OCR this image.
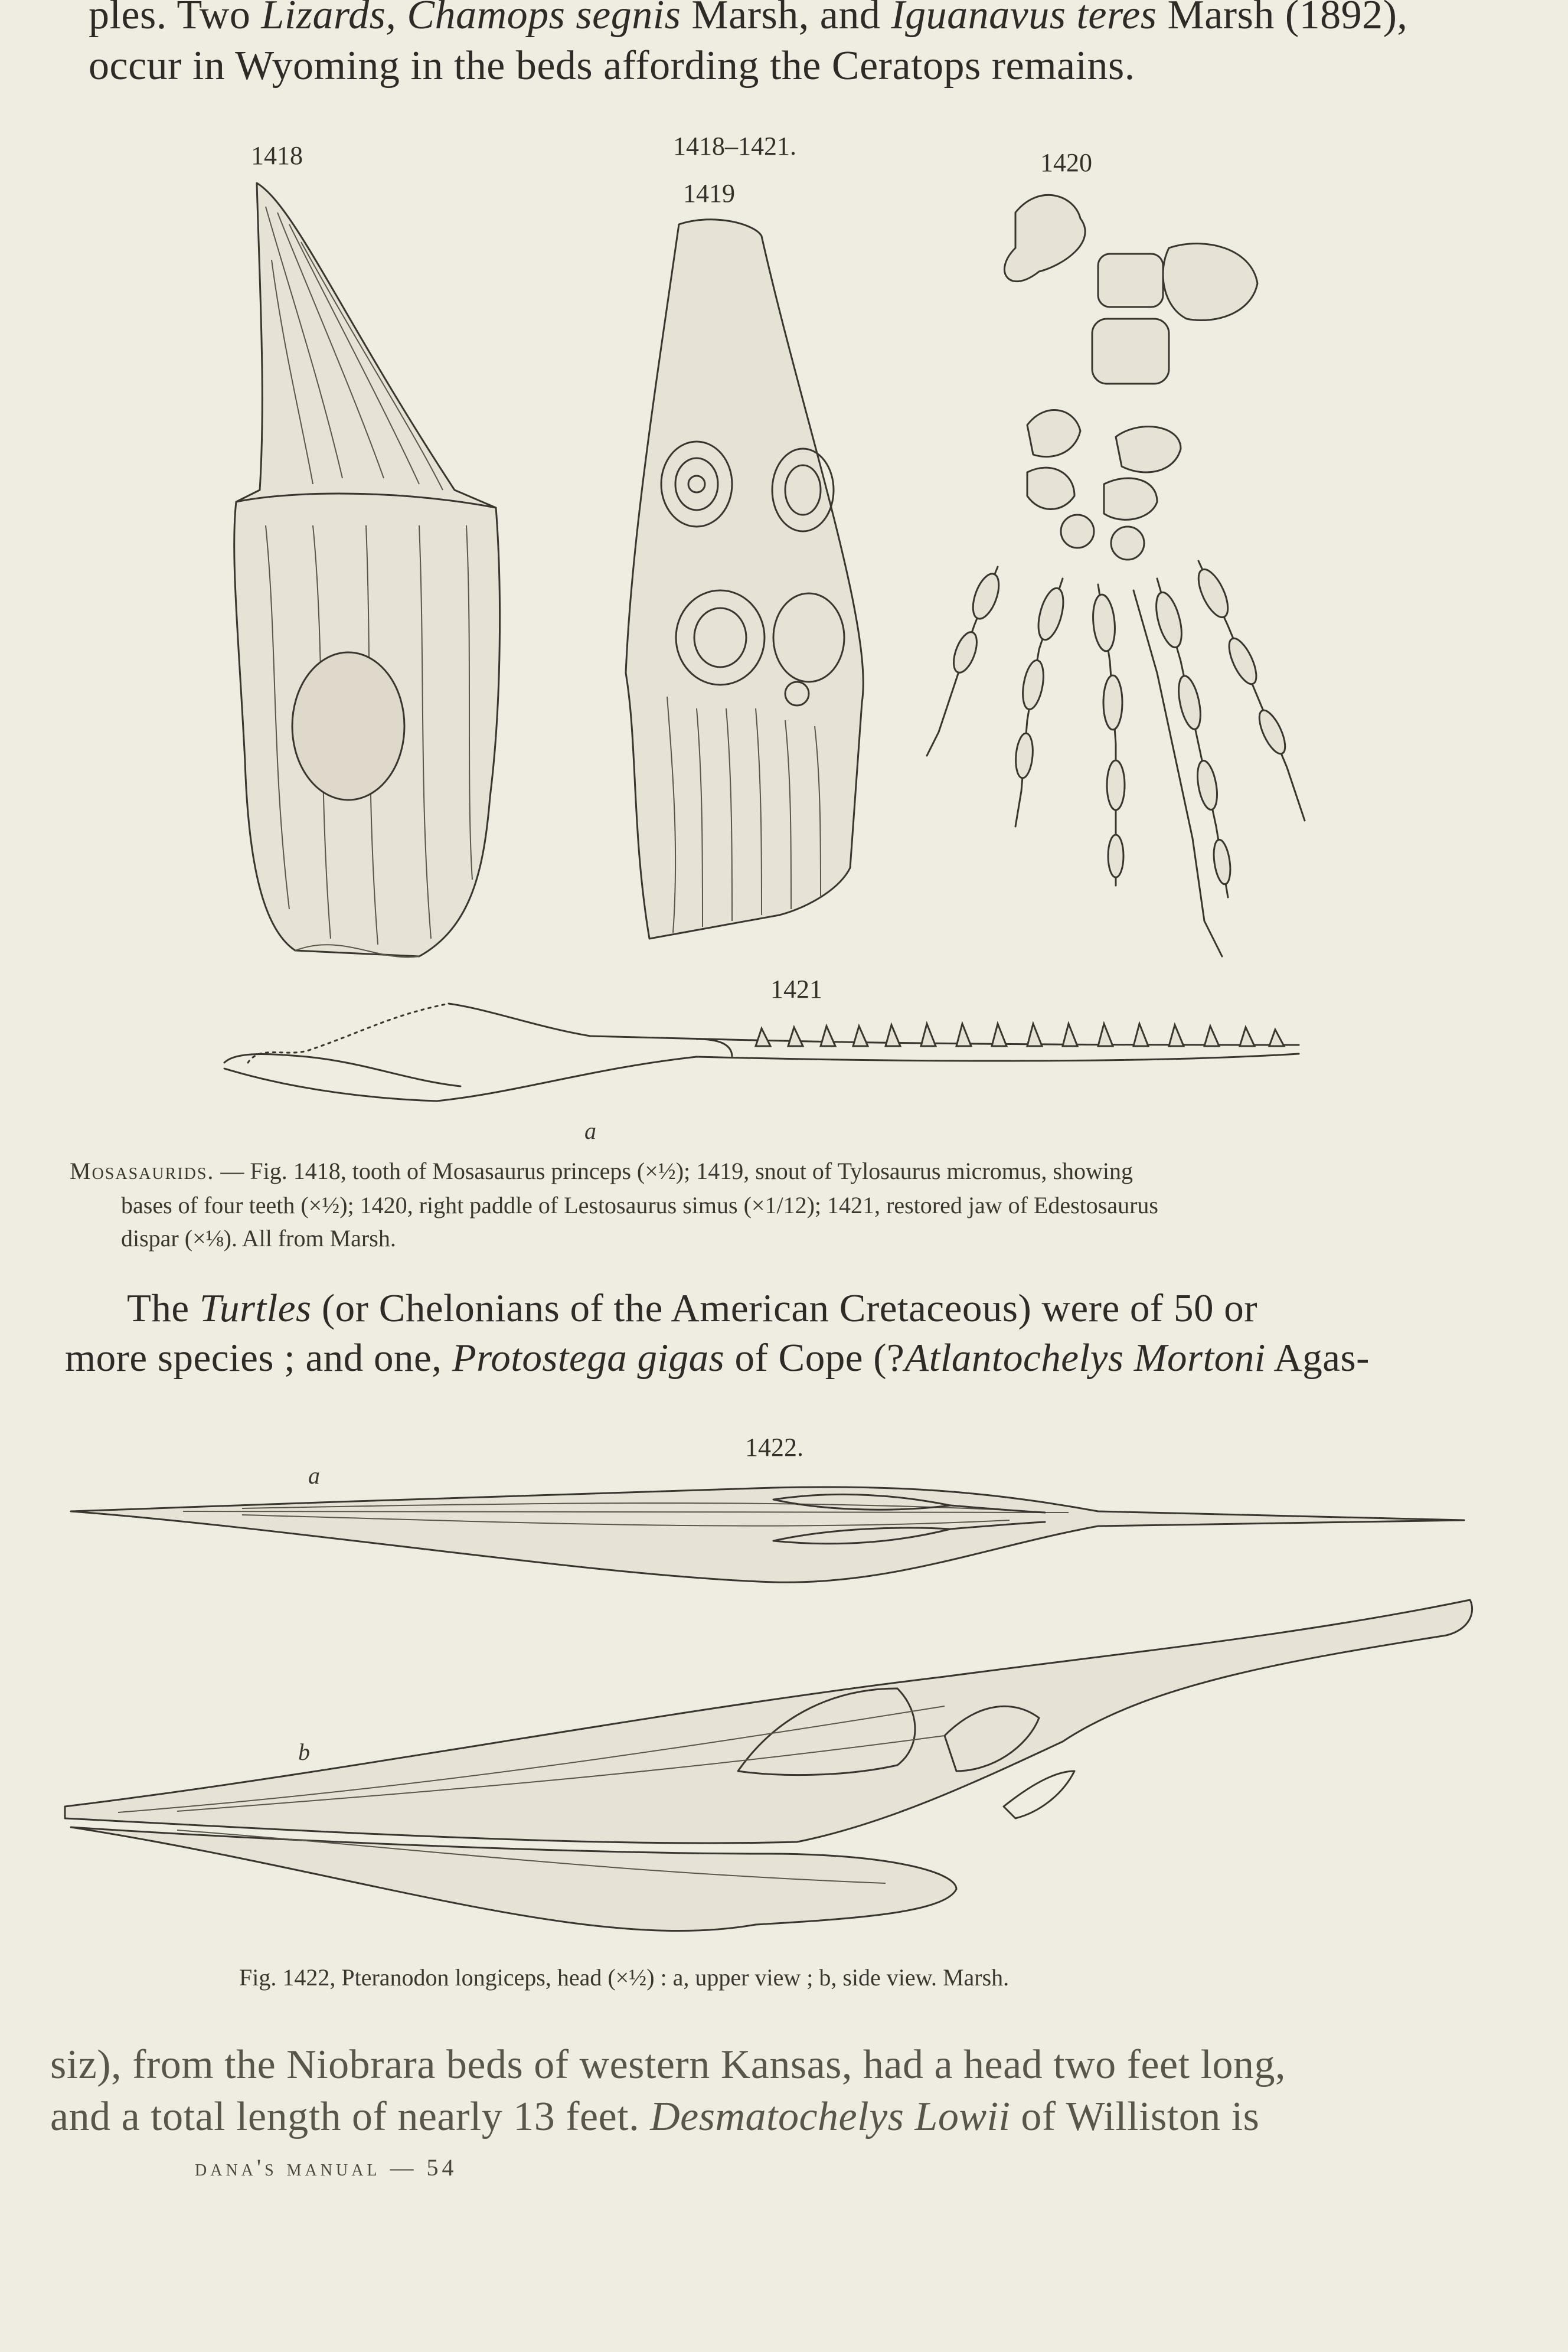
ples. Two Lizards, Chamops segnis Marsh, and Iguanavus teres Marsh (1892),
occur in Wyoming in the beds affording the Ceratops remains.
1418	1418–1421.
1419
1420
1421
a
Mosasaurids. — Fig. 1418, tooth of Mosasaurus princeps (×½); 1419, snout of Tylosaurus micromus, showing
bases of four teeth (×½); 1420, right paddle of Lestosaurus simus (×1/12); 1421, restored jaw of Edestosaurus
dispar (×⅛). All from Marsh.
The Turtles (or Chelonians of the American Cretaceous) were of 50 or
more species ; and one, Protostega gigas of Cope (?Atlantochelys Mortoni Agas-
1422.
a
b
Fig. 1422, Pteranodon longiceps, head (×½) : a, upper view ; b, side view. Marsh.
siz), from the Niobrara beds of western Kansas, had a head two feet long,
and a total length of nearly 13 feet. Desmatochelys Lowii of Williston is
dana's manual — 54
